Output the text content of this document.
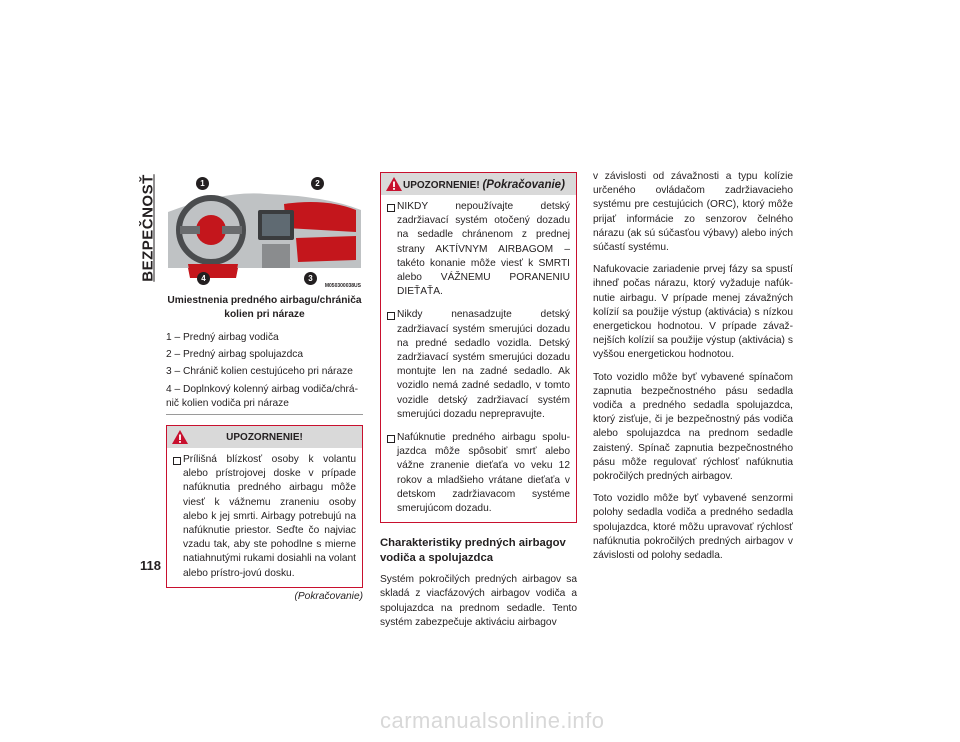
BEZPEČNOSŤ	1	2
3
4
M050300038US
Umiestnenia predného airbagu/chrániča kolien pri náraze
1 – Predný airbag vodiča
2 – Predný airbag spolujazdca
3 – Chránič kolien cestujúceho pri náraze
4 – Doplnkový kolenný airbag vodiča/chrá-nič kolien vodiča pri náraze
UPOZORNENIE!
Prílišná blízkosť osoby k volantu alebo prístrojovej doske v prípade nafúknutia predného airbagu môže viesť k vážnemu zraneniu osoby alebo k jej smrti. Airbagy potrebujú na nafúknutie priestor. Seďte čo najviac vzadu tak, aby ste pohodlne s mierne natiahnutými rukami dosiahli na volant alebo prístro-jovú dosku.
(Pokračovanie)
UPOZORNENIE! (Pokračovanie)
NIKDY nepoužívajte detský zadržiavací systém otočený dozadu na sedadle chránenom z prednej strany AKTÍVNYM AIRBAGOM – takéto konanie môže viesť k SMRTI alebo VÁŽNEMU PORANENIU DIEŤAŤA.
Nikdy nenasadzujte detský zadržiavací systém smerujúci dozadu na predné sedadlo vozidla. Detský zadržiavací systém smerujúci dozadu montujte len na zadné sedadlo. Ak vozidlo nemá zadné sedadlo, v tomto vozidle detský zadržiavací systém smerujúci dozadu neprepravujte.
Nafúknutie predného airbagu spolu-jazdca môže spôsobiť smrť alebo vážne zranenie dieťaťa vo veku 12 rokov a mladšieho vrátane dieťaťa v detskom zadržiavacom systéme smerujúcom dozadu.
Charakteristiky predných airbagov vodiča a spolujazdca
Systém pokročilých predných airbagov sa skladá z viacfázových airbagov vodiča a spolujazdca na prednom sedadle. Tento systém zabezpečuje aktiváciu airbagov
v závislosti od závažnosti a typu kolízie určeného ovládačom zadržiavacieho systému pre cestujúcich (ORC), ktorý môže prijať informácie zo senzorov čelného nárazu (ak sú súčasťou výbavy) alebo iných súčastí systému.
Nafukovacie zariadenie prvej fázy sa spustí ihneď počas nárazu, ktorý vyžaduje nafúk-nutie airbagu. V prípade menej závažných kolízií sa použije výstup (aktivácia) s nízkou energetickou hodnotou. V prípade závaž-nejších kolízií sa použije výstup (aktivácia) s vyššou energetickou hodnotou.
Toto vozidlo môže byť vybavené spínačom zapnutia bezpečnostného pásu sedadla vodiča a predného sedadla spolujazdca, ktorý zisťuje, či je bezpečnostný pás vodiča alebo spolujazdca na prednom sedadle zaistený. Spínač zapnutia bezpečnostného pásu môže regulovať rýchlosť nafúknutia pokročilých predných airbagov.
Toto vozidlo môže byť vybavené senzormi polohy sedadla vodiča a predného sedadla spolujazdca, ktoré môžu upravovať rýchlosť nafúknutia pokročilých predných airbagov v závislosti od polohy sedadla.
118
carmanualsonline.info
